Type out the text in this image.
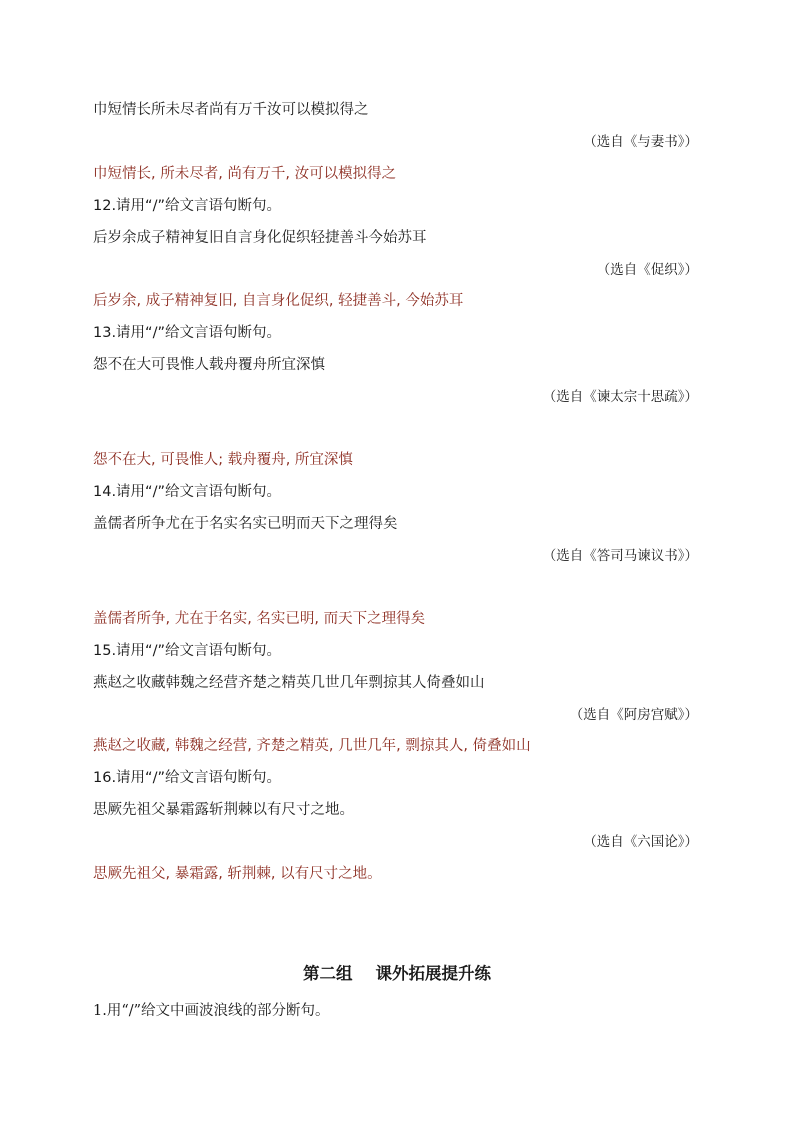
巾短情长所未尽者尚有万千汝可以模拟得之
（选自《与妻书》）
巾短情长, 所未尽者, 尚有万千, 汝可以模拟得之
12.请用“/”给文言语句断句。
后岁余成子精神复旧自言身化促织轻捷善斗今始苏耳
（选自《促织》）
后岁余, 成子精神复旧, 自言身化促织, 轻捷善斗, 今始苏耳
13.请用“/”给文言语句断句。
怨不在大可畏惟人载舟覆舟所宜深慎
（选自《谏太宗十思疏》）
怨不在大, 可畏惟人; 载舟覆舟, 所宜深慎
14.请用“/”给文言语句断句。
盖儒者所争尤在于名实名实已明而天下之理得矣
（选自《答司马谏议书》）
盖儒者所争, 尤在于名实, 名实已明, 而天下之理得矣
15.请用“/”给文言语句断句。
燕赵之收藏韩魏之经营齐楚之精英几世几年剽掠其人倚叠如山
（选自《阿房宫赋》）
燕赵之收藏, 韩魏之经营, 齐楚之精英, 几世几年, 剽掠其人, 倚叠如山
16.请用“/”给文言语句断句。
思厥先祖父暴霜露斩荆棘以有尺寸之地。
（选自《六国论》）
思厥先祖父, 暴霜露, 斩荆棘, 以有尺寸之地。
第二组    课外拓展提升练
1.用“/”给文中画波浪线的部分断句。
